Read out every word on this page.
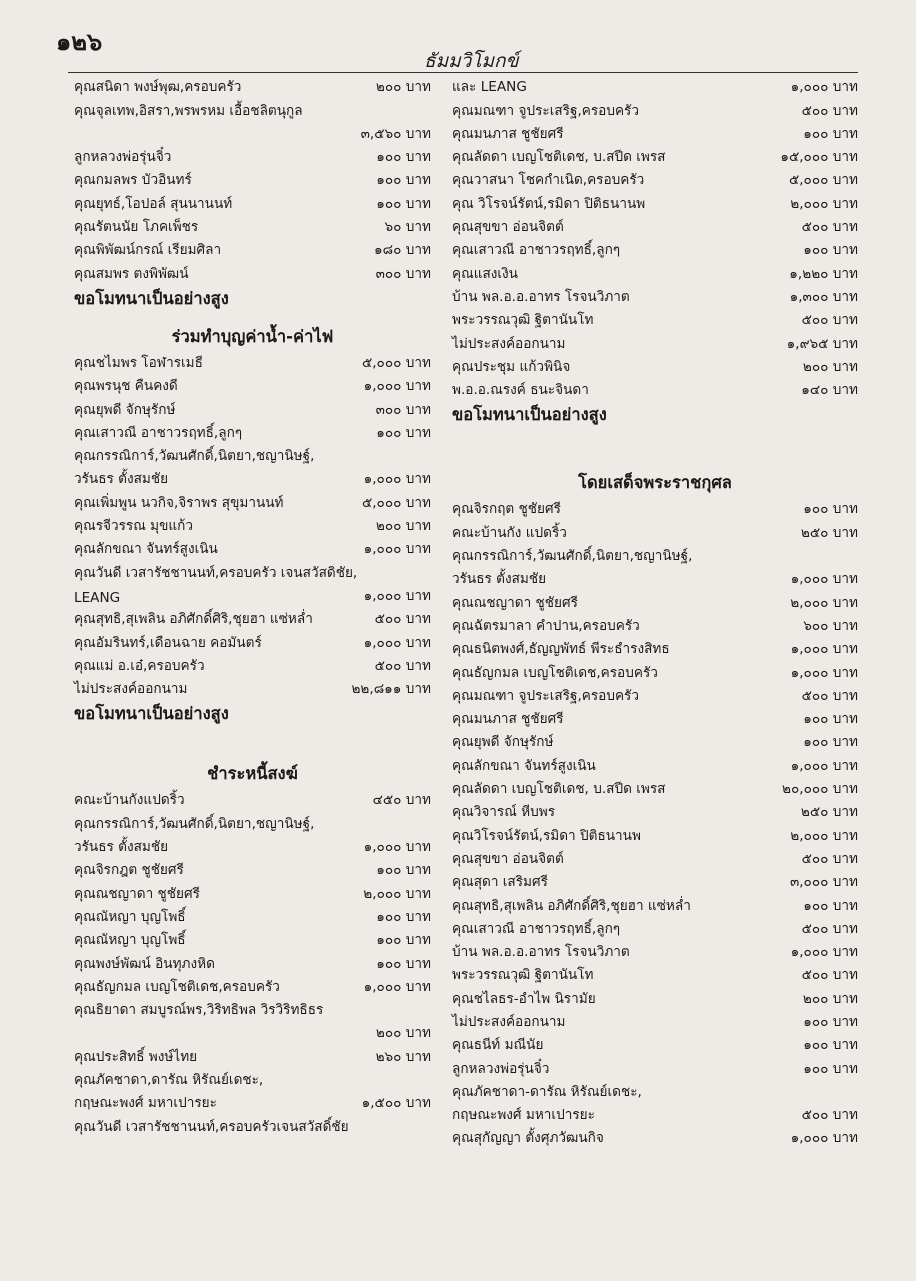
๑๒๖
ธัมมวิโมกข์
คุณสนิดา พงษ์พุฒ,ครอบครัว	๒๐๐ บาท
คุณจุลเทพ,อิสรา,พรพรหม เอื้อชลิตนุกูล
๓,๕๖๐ บาท
ลูกหลวงพ่อรุ่นจิ๋ว	๑๐๐ บาท
คุณกมลพร บัวอินทร์	๑๐๐ บาท
คุณยุทธ์,โอปอล์ สุนนานนท์	๑๐๐ บาท
คุณรัตนนัย โภคเพ็ชร	๖๐ บาท
คุณพิพัฒน์กรณ์ เรียมศิลา	๑๘๐ บาท
คุณสมพร ตงพิพัฒน์	๓๐๐ บาท
ขอโมทนาเป็นอย่างสูง
ร่วมทำบุญค่าน้ำ-ค่าไฟ
คุณชไมพร โอฬารเมธี	๕,๐๐๐ บาท
คุณพรนุช คืนคงดี	๑,๐๐๐ บาท
คุณยุพดี จักษุรักษ์	๓๐๐ บาท
คุณเสาวณี อาชาวรฤทธิ์,ลูกๆ	๑๐๐ บาท
คุณกรรณิการ์,วัฒนศักดิ์,นิตยา,ชญานิษฐ์,
วรันธร ตั้งสมชัย	๑,๐๐๐ บาท
คุณเพิ่มพูน นวกิจ,จิราพร สุขุมานนท์	๕,๐๐๐ บาท
คุณรจีวรรณ มุขแก้ว	๒๐๐ บาท
คุณลักขณา จันทร์สูงเนิน	๑,๐๐๐ บาท
คุณวันดี เวสารัชชานนท์,ครอบครัว เจนสวัสดิชัย,
LEANG	๑,๐๐๐ บาท
คุณสุทธิ,สุเพลิน อภิศักดิ์ศิริ,ชุยฮา แซ่หล่ำ	๕๐๐ บาท
คุณอัมรินทร์,เดือนฉาย คอมันตร์	๑,๐๐๐ บาท
คุณแม่ อ.เอ๋,ครอบครัว	๕๐๐ บาท
ไม่ประสงค์ออกนาม	๒๒,๘๑๑ บาท
ขอโมทนาเป็นอย่างสูง
ชำระหนี้สงฆ์
คณะบ้านกังแปดริ้ว	๔๕๐ บาท
คุณกรรณิการ์,วัฒนศักดิ์,นิตยา,ชญานิษฐ์,
วรันธร ตั้งสมชัย	๑,๐๐๐ บาท
คุณจิรกฎต ชูชัยศรี	๑๐๐ บาท
คุณณชญาดา ชูชัยศรี	๒,๐๐๐ บาท
คุณณัหญา บุญโพธิ์	๑๐๐ บาท
คุณณัหญา บุญโพธิ์	๑๐๐ บาท
คุณพงษ์พัฒน์ อินทุภงหิด	๑๐๐ บาท
คุณธัญกมล เบญโชติเดช,ครอบครัว	๑,๐๐๐ บาท
คุณธิยาดา สมบูรณ์พร,วิริทธิพล วิรวิริทธิธร
๒๐๐ บาท
คุณประสิทธิ์ พงษ์ไทย	๒๖๐ บาท
คุณภัคชาดา,ดารัณ หิรัณย์เดชะ,
กฤษณะพงศ์ มหาเปารยะ	๑,๕๐๐ บาท
คุณวันดี เวสารัชชานนท์,ครอบครัวเจนสวัสดิ์ชัย
และ LEANG	๑,๐๐๐ บาท
คุณมณฑา จูประเสริฐ,ครอบครัว	๕๐๐ บาท
คุณมนภาส ชูชัยศรี	๑๐๐ บาท
คุณลัดดา เบญโชติเดช, บ.สปีด เพรส	๑๕,๐๐๐ บาท
คุณวาสนา โชคกำเนิด,ครอบครัว	๕,๐๐๐ บาท
คุณ วิโรจน์รัตน์,รมิดา ปิติธนานพ	๒,๐๐๐ บาท
คุณสุขขา อ่อนจิตต์	๕๐๐ บาท
คุณเสาวณี อาชาวรฤทธิ์,ลูกๆ	๑๐๐ บาท
คุณแสงเงิน	๑,๒๒๐ บาท
บ้าน พล.อ.อ.อาทร โรจนวิภาต	๑,๓๐๐ บาท
พระวรรณวุฒิ ฐิตานันโท	๕๐๐ บาท
ไม่ประสงค์ออกนาม	๑,๙๖๕ บาท
คุณประชุม แก้วพินิจ	๒๐๐ บาท
พ.อ.อ.ณรงค์ ธนะจินดา	๑๔๐ บาท
ขอโมทนาเป็นอย่างสูง
โดยเสด็จพระราชกุศล
คุณจิรกฤต ชูชัยศรี	๑๐๐ บาท
คณะบ้านกัง แปดริ้ว	๒๕๐ บาท
คุณกรรณิการ์,วัฒนศักดิ์,นิตยา,ชญานิษฐ์,
วรันธร ตั้งสมชัย	๑,๐๐๐ บาท
คุณณชญาดา ชูชัยศรี	๒,๐๐๐ บาท
คุณฉัตรมาลา คำปาน,ครอบครัว	๖๐๐ บาท
คุณธนิตพงศ์,ธัญญพัทธ์ พีระธำรงสิทธ	๑,๐๐๐ บาท
คุณธัญกมล เบญโชติเดช,ครอบครัว	๑,๐๐๐ บาท
คุณมณฑา จูประเสริฐ,ครอบครัว	๕๐๐ บาท
คุณมนภาส ชูชัยศรี	๑๐๐ บาท
คุณยุพดี จักษุรักษ์	๑๐๐ บาท
คุณลักขณา จันทร์สูงเนิน	๑,๐๐๐ บาท
คุณลัดดา เบญโชติเดช, บ.สปีด เพรส	๒๐,๐๐๐ บาท
คุณวิจารณ์ หีบพร	๒๕๐ บาท
คุณวิโรจน์รัตน์,รมิดา ปิติธนานพ	๒,๐๐๐ บาท
คุณสุขขา อ่อนจิตต์	๕๐๐ บาท
คุณสุดา เสริมศรี	๓,๐๐๐ บาท
คุณสุทธิ,สุเพลิน อภิศักดิ์ศิริ,ชุยฮา แซ่หล่ำ	๑๐๐ บาท
คุณเสาวณี อาชาวรฤทธิ์,ลูกๆ	๕๐๐ บาท
บ้าน พล.อ.อ.อาทร โรจนวิภาต	๑,๐๐๐ บาท
พระวรรณวุฒิ ฐิตานันโท	๕๐๐ บาท
คุณชไลธร-อำไพ นิรามัย	๒๐๐ บาท
ไม่ประสงค์ออกนาม	๑๐๐ บาท
คุณธนีท์ มณีนัย	๑๐๐ บาท
ลูกหลวงพ่อรุ่นจิ๋ว	๑๐๐ บาท
คุณภัคชาดา-ดารัณ หิรัณย์เดชะ,
กฤษณะพงศ์ มหาเปารยะ	๕๐๐ บาท
คุณสุกัญญา ตั้งศุภวัฒนกิจ	๑,๐๐๐ บาท
